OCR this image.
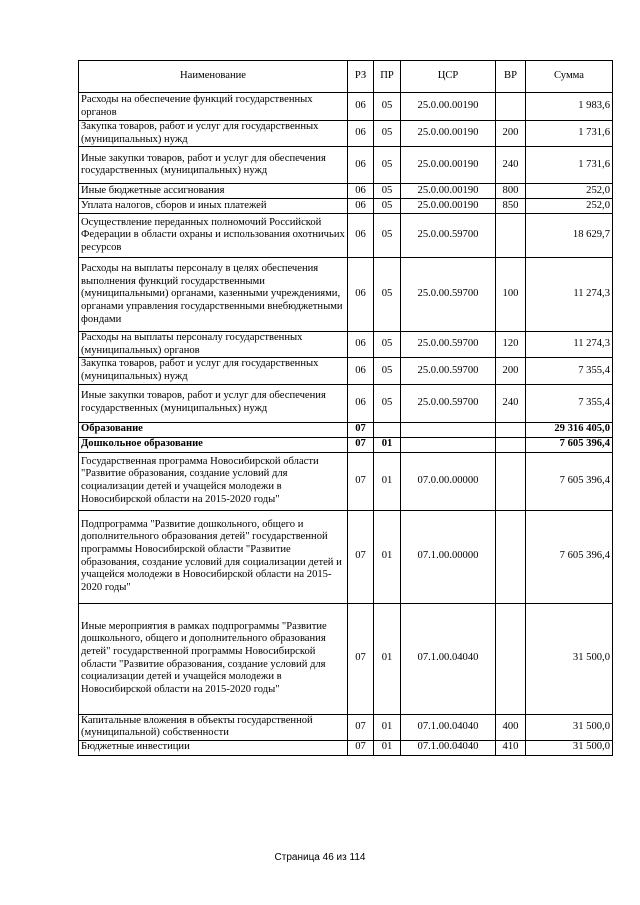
Наименование	РЗ	ПР	ЦСР	ВР	Сумма
Расходы на обеспечение функций государственных органов	06	05	25.0.00.00190		1 983,6
Закупка товаров, работ и услуг для государственных (муниципальных) нужд	06	05	25.0.00.00190	200	1 731,6
Иные закупки товаров, работ и услуг для обеспечения государственных (муниципальных) нужд	06	05	25.0.00.00190	240	1 731,6
Иные бюджетные ассигнования	06	05	25.0.00.00190	800	252,0
Уплата налогов, сборов и иных платежей	06	05	25.0.00.00190	850	252,0
Осуществление переданных полномочий Российской Федерации в области охраны и использования охотничьих ресурсов	06	05	25.0.00.59700		18 629,7
Расходы на выплаты персоналу в целях обеспечения выполнения функций государственными (муниципальными) органами, казенными учреждениями, органами управления государственными внебюджетными фондами	06	05	25.0.00.59700	100	11 274,3
Расходы на выплаты персоналу государственных (муниципальных) органов	06	05	25.0.00.59700	120	11 274,3
Закупка товаров, работ и услуг для государственных (муниципальных) нужд	06	05	25.0.00.59700	200	7 355,4
Иные закупки товаров, работ и услуг для обеспечения государственных (муниципальных) нужд	06	05	25.0.00.59700	240	7 355,4
Образование	07				29 316 405,0
Дошкольное образование	07	01			7 605 396,4
Государственная программа Новосибирской области "Развитие образования, создание условий для социализации детей и учащейся молодежи в Новосибирской области на 2015-2020 годы"	07	01	07.0.00.00000		7 605 396,4
Подпрограмма "Развитие дошкольного, общего и дополнительного образования детей" государственной программы Новосибирской области "Развитие образования, создание условий для социализации детей и учащейся молодежи в Новосибирской области на 2015-2020 годы"	07	01	07.1.00.00000		7 605 396,4
Иные мероприятия в рамках подпрограммы "Развитие дошкольного, общего и дополнительного образования детей" государственной программы Новосибирской области "Развитие образования, создание условий для социализации детей и учащейся молодежи в Новосибирской области на 2015-2020 годы"	07	01	07.1.00.04040		31 500,0
Капитальные вложения в объекты государственной (муниципальной) собственности	07	01	07.1.00.04040	400	31 500,0
Бюджетные инвестиции	07	01	07.1.00.04040	410	31 500,0
Страница 46 из 114
